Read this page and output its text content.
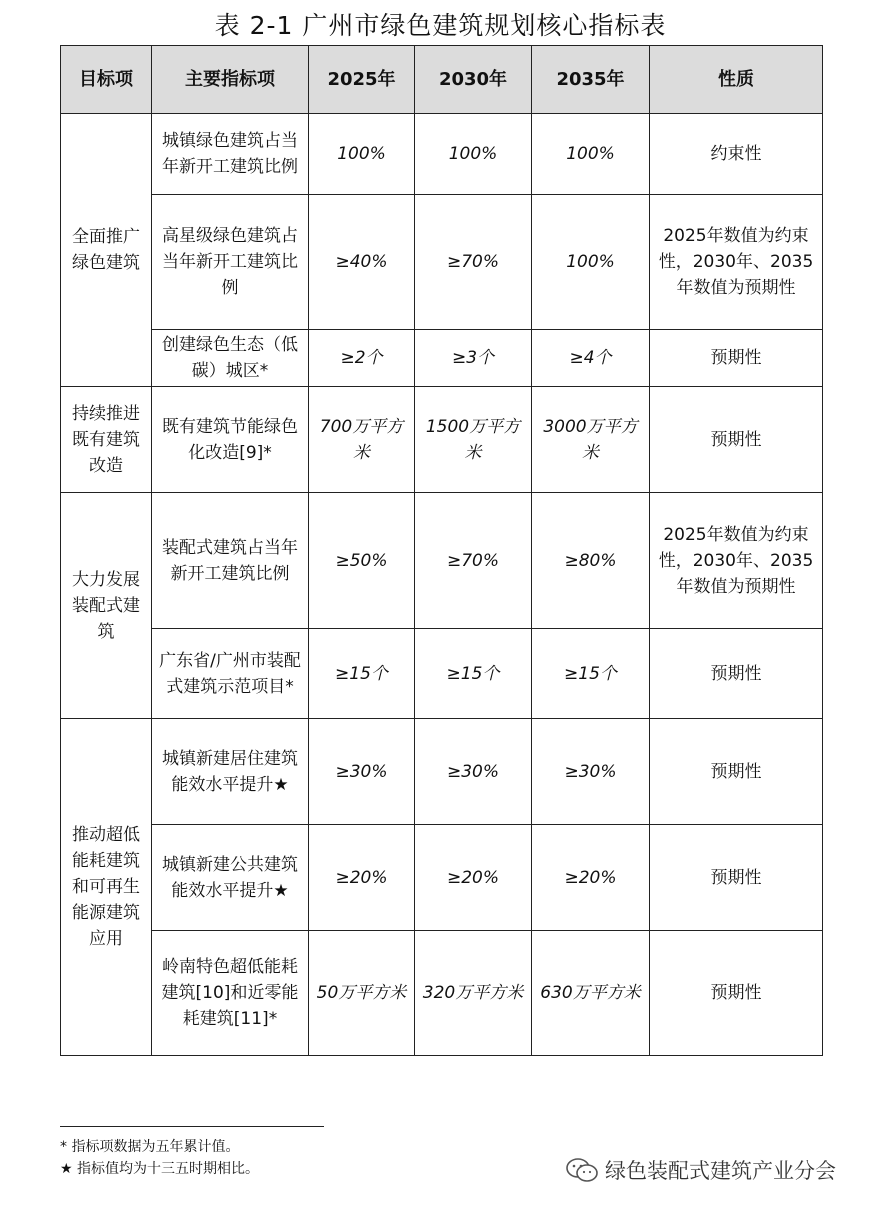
表 2-1 广州市绿色建筑规划核心指标表
目标项	主要指标项	2025年	2030年	2035年	性质
全面推广绿色建筑	城镇绿色建筑占当年新开工建筑比例	100%	100%	100%	约束性
	高星级绿色建筑占当年新开工建筑比例	≥40%	≥70%	100%	2025年数值为约束性，2030年、2035年数值为预期性
	创建绿色生态（低碳）城区*	≥2个	≥3个	≥4个	预期性
持续推进既有建筑改造	既有建筑节能绿色化改造[9]*	700万平方米	1500万平方米	3000万平方米	预期性
大力发展装配式建筑	装配式建筑占当年新开工建筑比例	≥50%	≥70%	≥80%	2025年数值为约束性，2030年、2035年数值为预期性
	广东省/广州市装配式建筑示范项目*	≥15个	≥15个	≥15个	预期性
推动超低能耗建筑和可再生能源建筑应用	城镇新建居住建筑能效水平提升★	≥30%	≥30%	≥30%	预期性
	城镇新建公共建筑能效水平提升★	≥20%	≥20%	≥20%	预期性
	岭南特色超低能耗建筑[10]和近零能耗建筑[11]*	50万平方米	320万平方米	630万平方米	预期性
* 指标项数据为五年累计值。
★ 指标值均为十三五时期相比。	绿色装配式建筑产业分会
